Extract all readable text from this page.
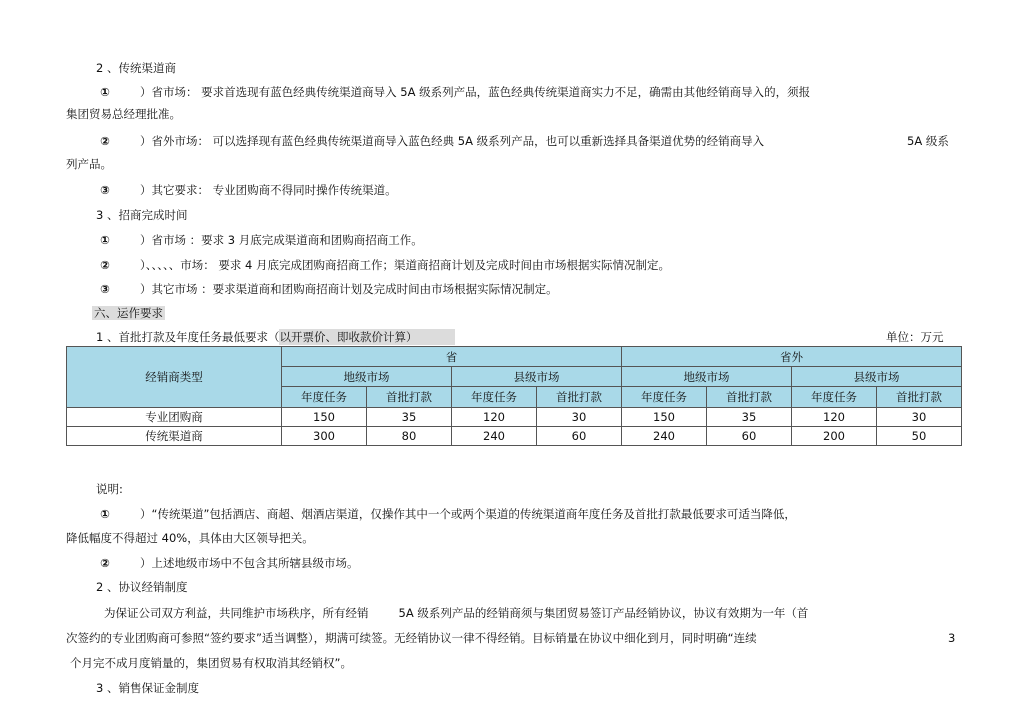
2 、传统渠道商
①	）省市场： 要求首选现有蓝色经典传统渠道商导入 5A 级系列产品，蓝色经典传统渠道商实力不足，确需由其他经销商导入的，须报
集团贸易总经理批准。
②	）省外市场： 可以选择现有蓝色经典传统渠道商导入蓝色经典 5A 级系列产品，也可以重新选择具备渠道优势的经销商导入	5A 级系
列产品。
③	）其它要求： 专业团购商不得同时操作传统渠道。
3 、招商完成时间
①	）省市场 ：要求 3 月底完成渠道商和团购商招商工作。
②	）、、、、、市场： 要求 4 月底完成团购商招商工作；渠道商招商计划及完成时间由市场根据实际情况制定。
③	）其它市场 ：要求渠道商和团购商招商计划及完成时间由市场根据实际情况制定。
六、运作要求
1 、首批打款及年度任务最低要求（以开票价、即收款价计算）	单位：万元
经销商类型	省				省外			
	地级市场		县级市场		地级市场		县级市场	
	年度任务	首批打款	年度任务	首批打款	年度任务	首批打款	年度任务	首批打款
专业团购商	150	35	120	30	150	35	120	30
传统渠道商	300	80	240	60	240	60	200	50
说明:
①	）“传统渠道”包括酒店、商超、烟酒店渠道，仅操作其中一个或两个渠道的传统渠道商年度任务及首批打款最低要求可适当降低，
降低幅度不得超过 40%，具体由大区领导把关。
②	）上述地级市场中不包含其所辖县级市场。
2 、协议经销制度
为保证公司双方利益，共同维护市场秩序，所有经销	5A 级系列产品的经销商须与集团贸易签订产品经销协议，协议有效期为一年（首
次签约的专业团购商可参照“签约要求”适当调整），期满可续签。无经销协议一律不得经销。目标销量在协议中细化到月，同时明确“连续	3
个月完不成月度销量的，集团贸易有权取消其经销权”。
3 、销售保证金制度
